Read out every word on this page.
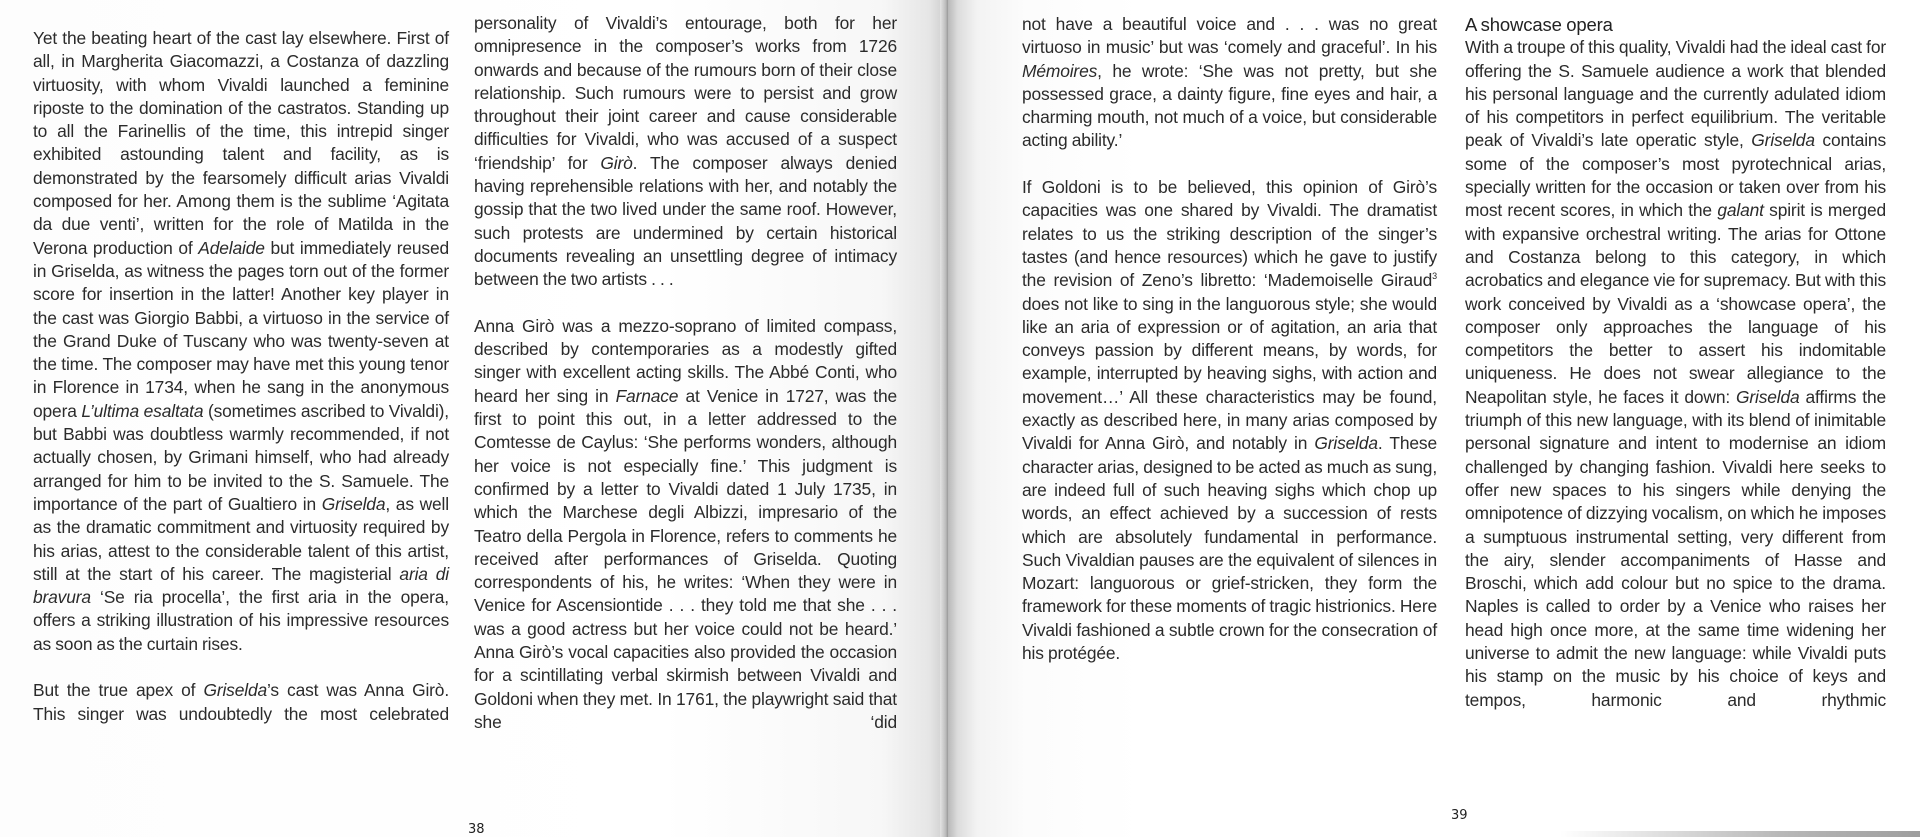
Yet the beating heart of the cast lay elsewhere. First of all, in Margherita Giacomazzi, a Costanza of dazzling virtuosity, with whom Vivaldi launched a feminine riposte to the domination of the castratos. Standing up to all the Farinellis of the time, this intrepid singer exhibited astounding talent and facility, as is demonstrated by the fearsomely difficult arias Vivaldi composed for her. Among them is the sublime ‘Agitata da due venti’, written for the role of Matilda in the Verona production of Adelaide but immediately reused in Griselda, as witness the pages torn out of the former score for insertion in the latter! Another key player in the cast was Giorgio Babbi, a virtuoso in the service of the Grand Duke of Tuscany who was twenty-seven at the time. The composer may have met this young tenor in Florence in 1734, when he sang in the anonymous opera L’ultima esaltata (sometimes ascribed to Vivaldi), but Babbi was doubtless warmly recommended, if not actually chosen, by Grimani himself, who had already arranged for him to be invited to the S. Samuele. The importance of the part of Gualtiero in Griselda, as well as the dramatic commitment and virtuosity required by his arias, attest to the considerable talent of this artist, still at the start of his career. The magisterial aria di bravura ‘Se ria procella’, the first aria in the opera, offers a striking illustration of his impressive resources as soon as the curtain rises.

But the true apex of Griselda’s cast was Anna Girò. This singer was undoubtedly the most celebrated

personality of Vivaldi’s entourage, both for her omnipresence in the composer’s works from 1726 onwards and because of the rumours born of their close relationship. Such rumours were to persist and grow throughout their joint career and cause considerable difficulties for Vivaldi, who was accused of a suspect ‘friendship’ for Girò. The composer always denied having reprehensible relations with her, and notably the gossip that the two lived under the same roof. However, such protests are undermined by certain historical documents revealing an unsettling degree of intimacy between the two artists . . .

Anna Girò was a mezzo-soprano of limited compass, described by contemporaries as a modestly gifted singer with excellent acting skills. The Abbé Conti, who heard her sing in Farnace at Venice in 1727, was the first to point this out, in a letter addressed to the Comtesse de Caylus: ‘She performs wonders, although her voice is not especially fine.’ This judgment is confirmed by a letter to Vivaldi dated 1 July 1735, in which the Marchese degli Albizzi, impresario of the Teatro della Pergola in Florence, refers to comments he received after performances of Griselda. Quoting correspondents of his, he writes: ‘When they were in Venice for Ascensiontide . . . they told me that she . . . was a good actress but her voice could not be heard.’ Anna Girò’s vocal capacities also provided the occasion for a scintillating verbal skirmish between Vivaldi and Goldoni when they met. In 1761, the playwright said that she ‘did

38

not have a beautiful voice and . . . was no great virtuoso in music’ but was ‘comely and graceful’. In his Mémoires, he wrote: ‘She was not pretty, but she possessed grace, a dainty figure, fine eyes and hair, a charming mouth, not much of a voice, but considerable acting ability.’

If Goldoni is to be believed, this opinion of Girò’s capacities was one shared by Vivaldi. The dramatist relates to us the striking description of the singer’s tastes (and hence resources) which he gave to justify the revision of Zeno’s libretto: ‘Mademoiselle Giraud$^3$ does not like to sing in the languorous style; she would like an aria of expression or of agitation, an aria that conveys passion by different means, by words, for example, interrupted by heaving sighs, with action and movement…’ All these characteristics may be found, exactly as described here, in many arias composed by Vivaldi for Anna Girò, and notably in Griselda. These character arias, designed to be acted as much as sung, are indeed full of such heaving sighs which chop up words, an effect achieved by a succession of rests which are absolutely fundamental in performance. Such Vivaldian pauses are the equivalent of silences in Mozart: languorous or grief-stricken, they form the framework for these moments of tragic histrionics. Here Vivaldi fashioned a subtle crown for the consecration of his protégée.

A showcase opera

With a troupe of this quality, Vivaldi had the ideal cast for offering the S. Samuele audience a work that blended his personal language and the currently adulated idiom of his competitors in perfect equilibrium. The veritable peak of Vivaldi’s late operatic style, Griselda contains some of the composer’s most pyrotechnical arias, specially written for the occasion or taken over from his most recent scores, in which the galant spirit is merged with expansive orchestral writing. The arias for Ottone and Costanza belong to this category, in which acrobatics and elegance vie for supremacy. But with this work conceived by Vivaldi as a ‘showcase opera’, the composer only approaches the language of his competitors the better to assert his indomitable uniqueness. He does not swear allegiance to the Neapolitan style, he faces it down: Griselda affirms the triumph of this new language, with its blend of inimitable personal signature and intent to modernise an idiom challenged by changing fashion. Vivaldi here seeks to offer new spaces to his singers while denying the omnipotence of dizzying vocalism, on which he imposes a sumptuous instrumental setting, very different from the airy, slender accompaniments of Hasse and Broschi, which add colour but no spice to the drama. Naples is called to order by a Venice who raises her head high once more, at the same time widening her universe to admit the new language: while Vivaldi puts his stamp on the music by his choice of keys and tempos, harmonic and rhythmic

39
